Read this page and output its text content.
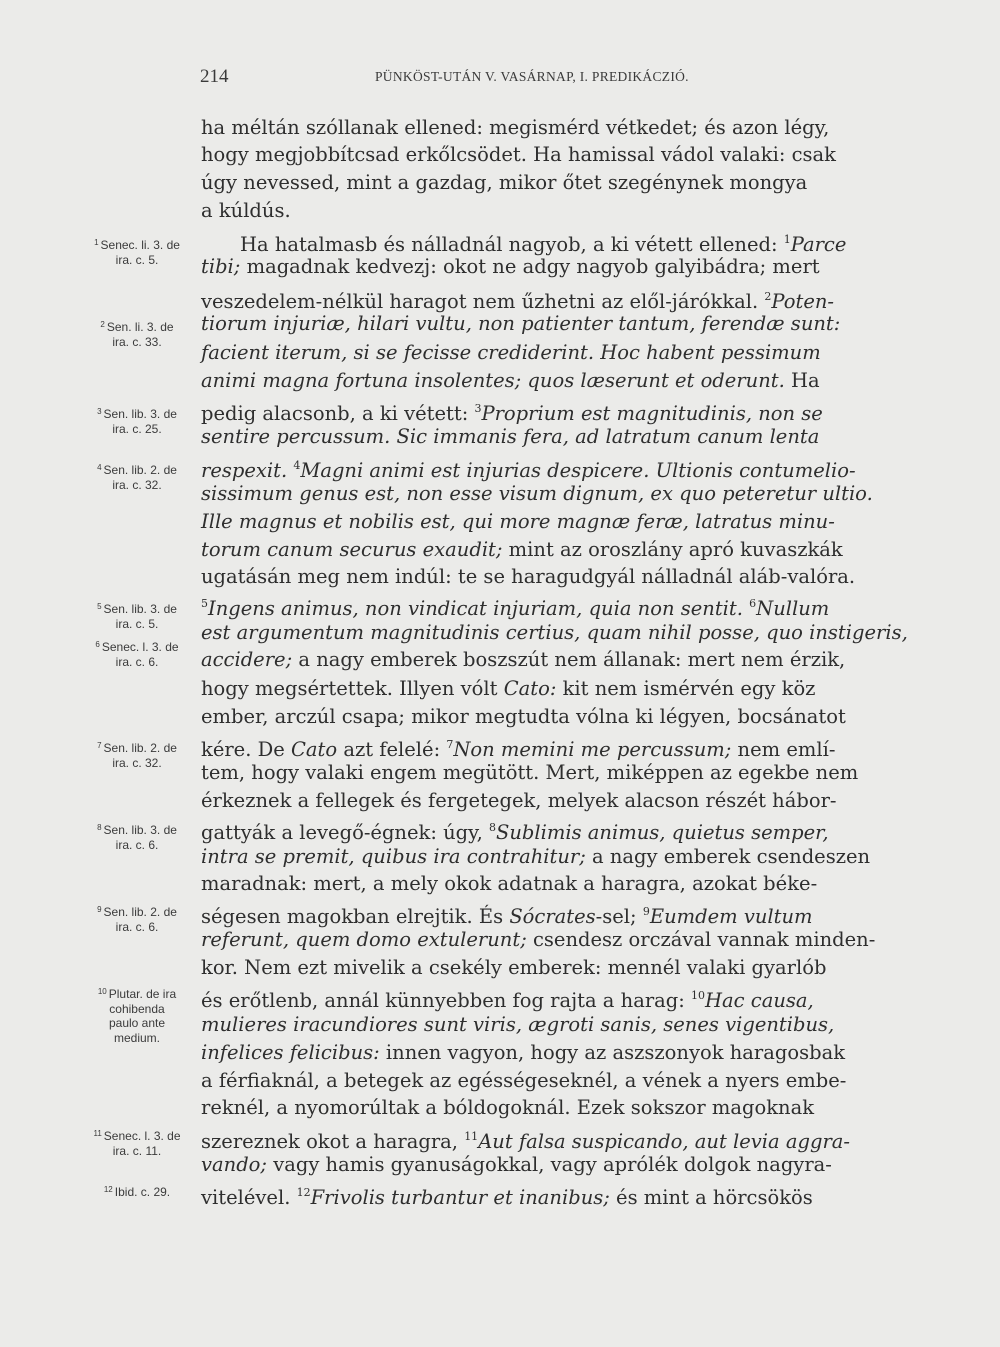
214	PÜNKÖST-UTÁN V. VASÁRNAP, I. PREDIKÁCZIÓ.
ha méltán szóllanak ellened: megismérd vétkedet; és azon légy,
hogy megjobbítcsad erkőlcsödet. Ha hamissal vádol valaki: csak
úgy nevessed, mint a gazdag, mikor őtet szegénynek mongya
a kúldús.
  Ha hatalmasb és nálladnál nagyob, a ki vétett ellened: $^1$Parce
tibi; magadnak kedvezj: okot ne adgy nagyob galyibádra; mert
veszedelem-nélkül haragot nem űzhetni az elől-járókkal. $^2$Poten-
tiorum injuriæ, hilari vultu, non patienter tantum, ferendæ sunt:
facient iterum, si se fecisse crediderint. Hoc habent pessimum
animi magna fortuna insolentes; quos læserunt et oderunt. Ha
pedig alacsonb, a ki vétett: $^3$Proprium est magnitudinis, non se
sentire percussum. Sic immanis fera, ad latratum canum lenta
respexit. $^4$Magni animi est injurias despicere. Ultionis contumelio-
sissimum genus est, non esse visum dignum, ex quo peteretur ultio.
Ille magnus et nobilis est, qui more magnæ feræ, latratus minu-
torum canum securus exaudit; mint az oroszlány apró kuvaszkák
ugatásán meg nem indúl: te se haragudgyál nálladnál aláb-valóra.
$^5$Ingens animus, non vindicat injuriam, quia non sentit. $^6$Nullum
est argumentum magnitudinis certius, quam nihil posse, quo instigeris,
accidere; a nagy emberek boszszút nem állanak: mert nem érzik,
hogy megsértettek. Illyen vólt Cato: kit nem ismérvén egy köz
ember, arczúl csapa; mikor megtudta vólna ki légyen, bocsánatot
kére. De Cato azt felelé: $^7$Non memini me percussum; nem emlí-
tem, hogy valaki engem megütött. Mert, miképpen az egekbe nem
érkeznek a fellegek és fergetegek, melyek alacson részét hábor-
gattyák a levegő-égnek: úgy, $^8$Sublimis animus, quietus semper,
intra se premit, quibus ira contrahitur; a nagy emberek csendeszen
maradnak: mert, a mely okok adatnak a haragra, azokat béke-
ségesen magokban elrejtik. És Sócrates-sel; $^9$Eumdem vultum
referunt, quem domo extulerunt; csendesz orczával vannak minden-
kor. Nem ezt mivelik a csekély emberek: mennél valaki gyarlób
és erőtlenb, annál künnyebben fog rajta a harag: $^{10}$Hac causa,
mulieres iracundiores sunt viris, ægroti sanis, senes vigentibus,
infelices felicibus: innen vagyon, hogy az aszszonyok haragosbak
a férfiaknál, a betegek az egésségeseknél, a vének a nyers embe-
reknél, a nyomorúltak a bóldogoknál. Ezek sokszor magoknak
szereznek okot a haragra, $^{11}$Aut falsa suspicando, aut levia aggra-
vando; vagy hamis gyanuságokkal, vagy aprólék dolgok nagyra-
vitelével. $^{12}$Frivolis turbantur et inanibus; és mint a hörcsökös
$^1$ Senec. li. 3. de
ira. c. 5.
$^2$ Sen. li. 3. de
ira. c. 33.
$^3$ Sen. lib. 3. de
ira. c. 25.
$^4$ Sen. lib. 2. de
ira. c. 32.
$^5$ Sen. lib. 3. de
ira. c. 5.
$^6$ Senec. l. 3. de
ira. c. 6.
$^7$ Sen. lib. 2. de
ira. c. 32.
$^8$ Sen. lib. 3. de
ira. c. 6.
$^9$ Sen. lib. 2. de
ira. c. 6.
$^{10}$ Plutar. de ira
cohibenda
paulo ante
medium.
$^{11}$ Senec. l. 3. de
ira. c. 11.
$^{12}$ Ibid. c. 29.
